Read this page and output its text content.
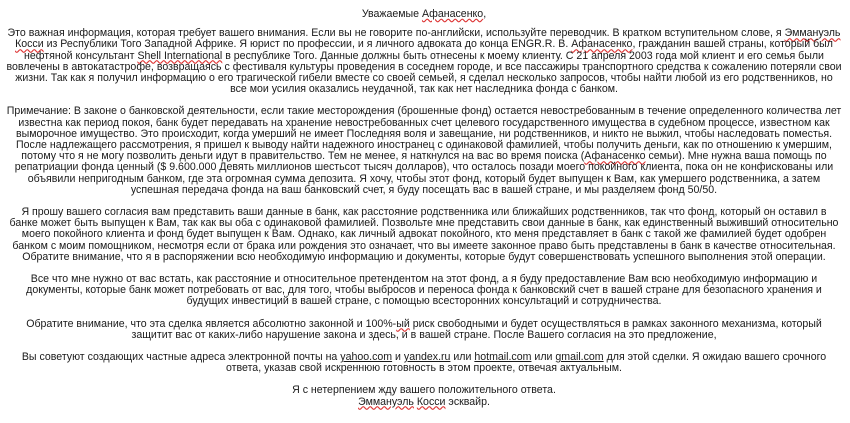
Уважаемые Афанасенко,

Это важная информация, которая требует вашего внимания. Если вы не говорите по-английски, используйте переводчик. В кратком вступительном слове, я Эммануэль Косси из Республики Того Западной Африке. Я юрист по профессии, и я личного адвоката до конца ENGR.R. В. Афанасенко, гражданин вашей страны, который был нефтяной консультант Shell International в республике Того. Данные должны быть отнесены к моему клиенту. С 21 апреля 2003 года мой клиент и его семья были вовлечены в автокатастрофе, возвращаясь с фестиваля культуры проведения в соседнем городе, и все пассажиры транспортного средства к сожалению потеряли свои жизни. Так как я получил информацию о его трагической гибели вместе со своей семьей, я сделал несколько запросов, чтобы найти любой из его родственников, но все мои усилия оказались неудачной, так как нет наследника фонда с банком.

Примечание: В законе о банковской деятельности, если такие месторождения (брошенные фонд) остается невостребованным в течение определенного количества лет известна как период покоя, банк будет передавать на хранение невостребованных счет целевого государственного имущества в судебном процессе, известном как выморочное имущество. Это происходит, когда умерший не имеет Последняя воля и завещание, ни родственников, и никто не выжил, чтобы наследовать поместья. После надлежащего рассмотрения, я пришел к выводу найти надежного иностранец с одинаковой фамилией, чтобы получить деньги, как по отношению к умершим, потому что я не могу позволить деньги идут в правительство. Тем не менее, я наткнулся на вас во время поиска (Афанасенко семьи). Мне нужна ваша помощь по репатриации фонда ценный ($ 9.600.000 Девять миллионов шестьсот тысяч долларов), что осталось позади моего покойного клиента, пока он не конфискованы или объявили непригодным банком, где эта огромная сумма депозита. Я хочу, чтобы этот фонд, который будет выпущен к Вам, как умершего родственника, а затем успешная передача фонда на ваш банковский счет, я буду посещать вас в вашей стране, и мы разделяем фонд 50/50.

Я прошу вашего согласия вам представить ваши данные в банк, как расстояние родственника или ближайших родственников, так что фонд, который он оставил в банке может быть выпущен к Вам, так как вы оба с одинаковой фамилией. Позвольте мне представить свои данные в банк, как единственный выживший относительно моего покойного клиента и фонд будет выпущен к Вам. Однако, как личный адвокат покойного, кто меня представляет в банк с такой же фамилией будет одобрен банком с моим помощником, несмотря если от брака или рождения это означает, что вы имеете законное право быть представлены в банк в качестве относительная. Обратите внимание, что я в распоряжении всю необходимую информацию и документы, которые будут совершенствовать успешного выполнения этой операции.

Все что мне нужно от вас встать, как расстояние и относительное претендентом на этот фонд, а я буду предоставление Вам всю необходимую информацию и документы, которые банк может потребовать от вас, для того, чтобы выбросов и переноса фонда к банковский счет в вашей стране для безопасного хранения и будущих инвестиций в вашей стране, с помощью всесторонних консультаций и сотрудничества.

Обратите внимание, что эта сделка является абсолютно законной и 100%-ый риск свободными и будет осуществляться в рамках законного механизма, который защитит вас от каких-либо нарушение закона и здесь, и в вашей стране. После Вашего согласия на это предложение,

Вы советуют создающих частные адреса электронной почты на yahoo.com и yandex.ru или hotmail.com или gmail.com для этой сделки. Я ожидаю вашего срочного ответа, указав свой искреннюю готовность в этом проекте, отвечая актуальным.

Я с нетерпением жду вашего положительного ответа.

Эммануэль Косси эсквайр.
